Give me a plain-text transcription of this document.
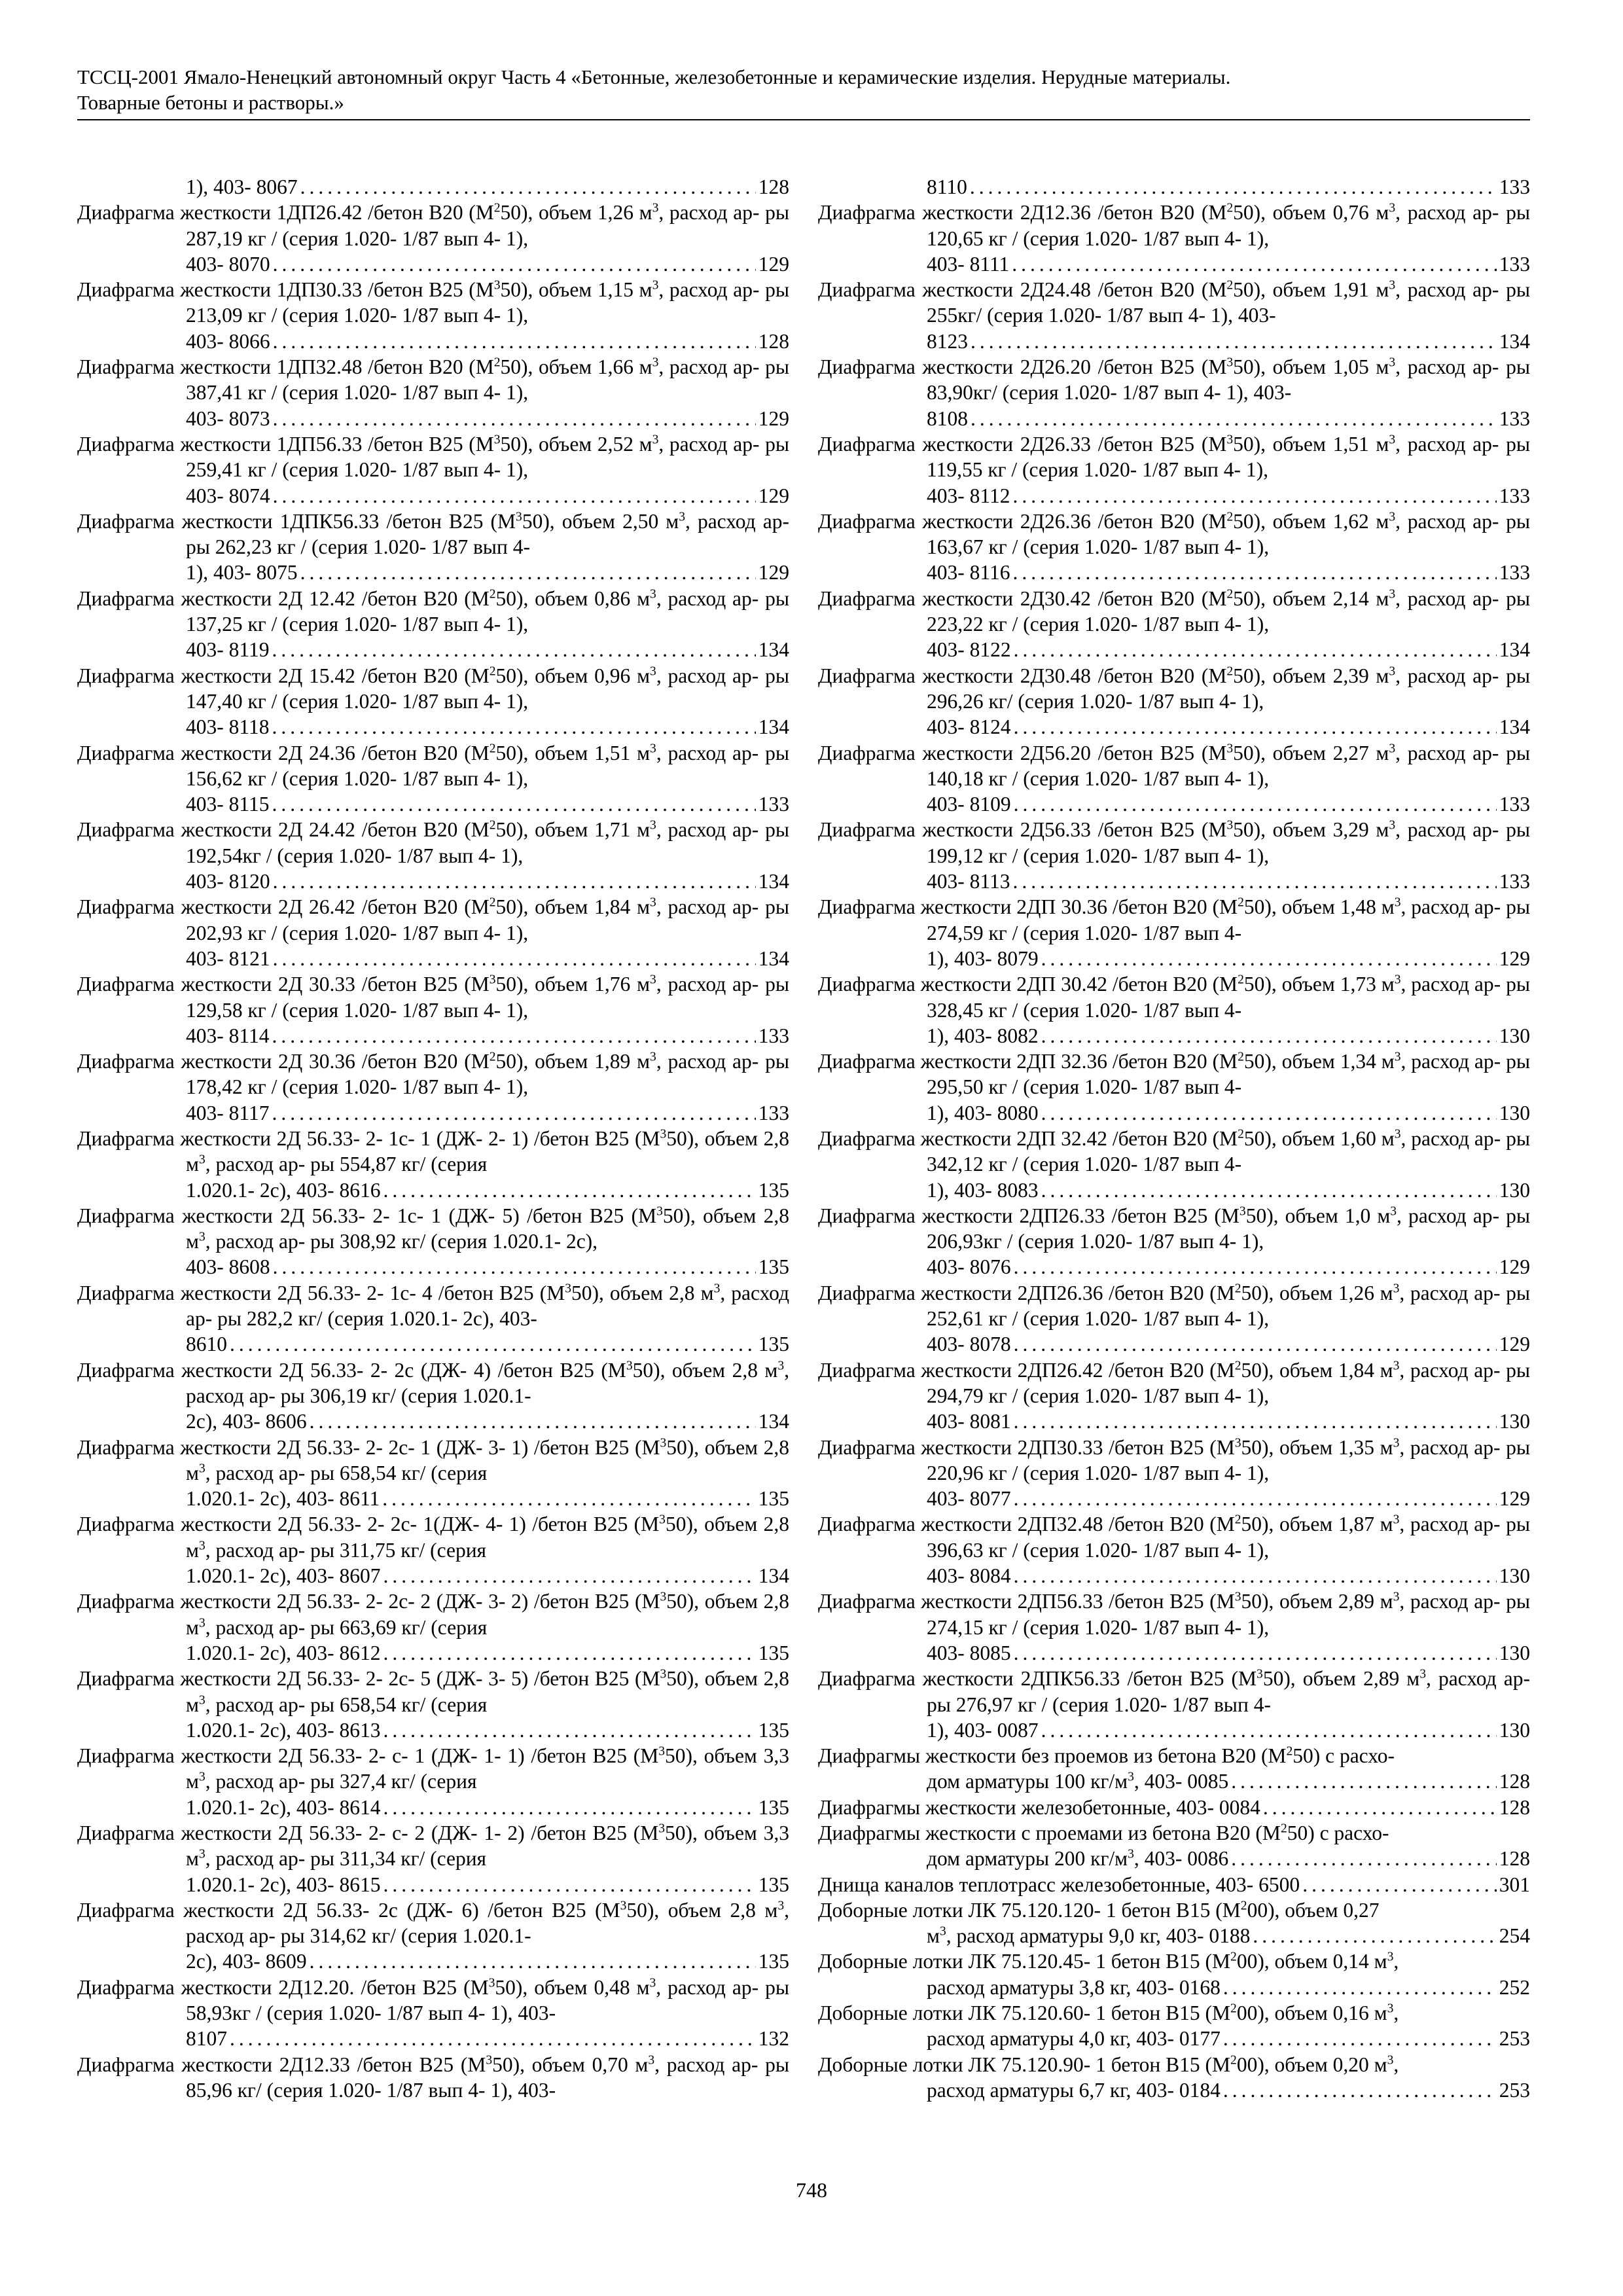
ТССЦ-2001 Ямало-Ненецкий автономный округ Часть 4 «Бетонные, железобетонные и керамические изделия. Нерудные материалы.
Товарные бетоны и растворы.»
1), 403- 8067 .....	128
Диафрагма жесткости 1ДП26.42 /бетон В20 $(М^250)$, объем 1,26 $м^3$, расход ар- ры 287,19 кг / (серия 1.020- 1/87 вып 4- 1),
403- 8070 .....	129
Диафрагма жесткости 1ДП30.33 /бетон В25 $(М^350)$, объем 1,15 $м^3$, расход ар- ры 213,09 кг / (серия 1.020- 1/87 вып 4- 1),
403- 8066 .....	128
Диафрагма жесткости 1ДП32.48 /бетон В20 $(М^250)$, объем 1,66 $м^3$, расход ар- ры 387,41 кг / (серия 1.020- 1/87 вып 4- 1),
403- 8073 .....	129
Диафрагма жесткости 1ДП56.33 /бетон В25 $(М^350)$, объем 2,52 $м^3$, расход ар- ры 259,41 кг / (серия 1.020- 1/87 вып 4- 1),
403- 8074 .....	129
Диафрагма жесткости 1ДПК56.33 /бетон В25 $(М^350)$, объем 2,50 $м^3$, расход ар- ры 262,23 кг / (серия 1.020- 1/87 вып 4-
1), 403- 8075 .....	129
Диафрагма жесткости 2Д 12.42 /бетон В20 $(М^250)$, объем 0,86 $м^3$, расход ар- ры 137,25 кг / (серия 1.020- 1/87 вып 4- 1),
403- 8119 .....	134
Диафрагма жесткости 2Д 15.42 /бетон В20 $(М^250)$, объем 0,96 $м^3$, расход ар- ры 147,40 кг / (серия 1.020- 1/87 вып 4- 1),
403- 8118 .....	134
Диафрагма жесткости 2Д 24.36 /бетон В20 $(М^250)$, объем 1,51 $м^3$, расход ар- ры 156,62 кг / (серия 1.020- 1/87 вып 4- 1),
403- 8115 .....	133
Диафрагма жесткости 2Д 24.42 /бетон В20 $(М^250)$, объем 1,71 $м^3$, расход ар- ры 192,54кг / (серия 1.020- 1/87 вып 4- 1),
403- 8120 .....	134
Диафрагма жесткости 2Д 26.42 /бетон В20 $(М^250)$, объем 1,84 $м^3$, расход ар- ры 202,93 кг / (серия 1.020- 1/87 вып 4- 1),
403- 8121 .....	134
Диафрагма жесткости 2Д 30.33 /бетон В25 $(М^350)$, объем 1,76 $м^3$, расход ар- ры 129,58 кг / (серия 1.020- 1/87 вып 4- 1),
403- 8114 .....	133
Диафрагма жесткости 2Д 30.36 /бетон В20 $(М^250)$, объем 1,89 $м^3$, расход ар- ры 178,42 кг / (серия 1.020- 1/87 вып 4- 1),
403- 8117 .....	133
Диафрагма жесткости 2Д 56.33- 2- 1с- 1 (ДЖ- 2- 1) /бетон В25 $(М^350)$, объем 2,8 $м^3$, расход ар- ры 554,87 кг/ (серия
1.020.1- 2с), 403- 8616 .....	135
Диафрагма жесткости 2Д 56.33- 2- 1с- 1 (ДЖ- 5) /бетон В25 $(М^350)$, объем 2,8 $м^3$, расход ар- ры 308,92 кг/ (серия 1.020.1- 2с),
403- 8608 .....	135
Диафрагма жесткости 2Д 56.33- 2- 1с- 4 /бетон В25 $(М^350)$, объем 2,8 $м^3$, расход ар- ры 282,2 кг/ (серия 1.020.1- 2с), 403-
8610 .....	135
Диафрагма жесткости 2Д 56.33- 2- 2с (ДЖ- 4) /бетон В25 $(М^350)$, объем 2,8 $м^3$, расход ар- ры 306,19 кг/ (серия 1.020.1-
2с), 403- 8606 .....	134
Диафрагма жесткости 2Д 56.33- 2- 2с- 1 (ДЖ- 3- 1) /бетон В25 $(М^350)$, объем 2,8 $м^3$, расход ар- ры 658,54 кг/ (серия
1.020.1- 2с), 403- 8611 .....	135
Диафрагма жесткости 2Д 56.33- 2- 2с- 1(ДЖ- 4- 1) /бетон В25 $(М^350)$, объем 2,8 $м^3$, расход ар- ры 311,75 кг/ (серия
1.020.1- 2с), 403- 8607 .....	134
Диафрагма жесткости 2Д 56.33- 2- 2с- 2 (ДЖ- 3- 2) /бетон В25 $(М^350)$, объем 2,8 $м^3$, расход ар- ры 663,69 кг/ (серия
1.020.1- 2с), 403- 8612 .....	135
Диафрагма жесткости 2Д 56.33- 2- 2с- 5 (ДЖ- 3- 5) /бетон В25 $(М^350)$, объем 2,8 $м^3$, расход ар- ры 658,54 кг/ (серия
1.020.1- 2с), 403- 8613 .....	135
Диафрагма жесткости 2Д 56.33- 2- с- 1 (ДЖ- 1- 1) /бетон В25 $(М^350)$, объем 3,3 $м^3$, расход ар- ры 327,4 кг/ (серия
1.020.1- 2с), 403- 8614 .....	135
Диафрагма жесткости 2Д 56.33- 2- с- 2 (ДЖ- 1- 2) /бетон В25 $(М^350)$, объем 3,3 $м^3$, расход ар- ры 311,34 кг/ (серия
1.020.1- 2с), 403- 8615 .....	135
Диафрагма жесткости 2Д 56.33- 2с (ДЖ- 6) /бетон В25 $(М^350)$, объем 2,8 $м^3$, расход ар- ры 314,62 кг/ (серия 1.020.1-
2с), 403- 8609 .....	135
Диафрагма жесткости 2Д12.20. /бетон В25 $(М^350)$, объем 0,48 $м^3$, расход ар- ры 58,93кг / (серия 1.020- 1/87 вып 4- 1), 403-
8107 .....	132
Диафрагма жесткости 2Д12.33 /бетон В25 $(М^350)$, объем 0,70 $м^3$, расход ар- ры 85,96 кг/ (серия 1.020- 1/87 вып 4- 1), 403-
8110 .....	133
Диафрагма жесткости 2Д12.36 /бетон В20 $(М^250)$, объем 0,76 $м^3$, расход ар- ры 120,65 кг / (серия 1.020- 1/87 вып 4- 1),
403- 8111 .....	133
Диафрагма жесткости 2Д24.48 /бетон В20 $(М^250)$, объем 1,91 $м^3$, расход ар- ры 255кг/ (серия 1.020- 1/87 вып 4- 1), 403-
8123 .....	134
Диафрагма жесткости 2Д26.20 /бетон В25 $(М^350)$, объем 1,05 $м^3$, расход ар- ры 83,90кг/ (серия 1.020- 1/87 вып 4- 1), 403-
8108 .....	133
Диафрагма жесткости 2Д26.33 /бетон В25 $(М^350)$, объем 1,51 $м^3$, расход ар- ры 119,55 кг / (серия 1.020- 1/87 вып 4- 1),
403- 8112 .....	133
Диафрагма жесткости 2Д26.36 /бетон В20 $(М^250)$, объем 1,62 $м^3$, расход ар- ры 163,67 кг / (серия 1.020- 1/87 вып 4- 1),
403- 8116 .....	133
Диафрагма жесткости 2Д30.42 /бетон В20 $(М^250)$, объем 2,14 $м^3$, расход ар- ры 223,22 кг / (серия 1.020- 1/87 вып 4- 1),
403- 8122 .....	134
Диафрагма жесткости 2Д30.48 /бетон В20 $(М^250)$, объем 2,39 $м^3$, расход ар- ры 296,26 кг/ (серия 1.020- 1/87 вып 4- 1),
403- 8124 .....	134
Диафрагма жесткости 2Д56.20 /бетон В25 $(М^350)$, объем 2,27 $м^3$, расход ар- ры 140,18 кг / (серия 1.020- 1/87 вып 4- 1),
403- 8109 .....	133
Диафрагма жесткости 2Д56.33 /бетон В25 $(М^350)$, объем 3,29 $м^3$, расход ар- ры 199,12 кг / (серия 1.020- 1/87 вып 4- 1),
403- 8113 .....	133
Диафрагма жесткости 2ДП 30.36 /бетон В20 $(М^250)$, объем 1,48 $м^3$, расход ар- ры 274,59 кг / (серия 1.020- 1/87 вып 4-
1), 403- 8079 .....	129
Диафрагма жесткости 2ДП 30.42 /бетон В20 $(М^250)$, объем 1,73 $м^3$, расход ар- ры 328,45 кг / (серия 1.020- 1/87 вып 4-
1), 403- 8082 .....	130
Диафрагма жесткости 2ДП 32.36 /бетон В20 $(М^250)$, объем 1,34 $м^3$, расход ар- ры 295,50 кг / (серия 1.020- 1/87 вып 4-
1), 403- 8080 .....	130
Диафрагма жесткости 2ДП 32.42 /бетон В20 $(М^250)$, объем 1,60 $м^3$, расход ар- ры 342,12 кг / (серия 1.020- 1/87 вып 4-
1), 403- 8083 .....	130
Диафрагма жесткости 2ДП26.33 /бетон В25 $(М^350)$, объем 1,0 $м^3$, расход ар- ры 206,93кг / (серия 1.020- 1/87 вып 4- 1),
403- 8076 .....	129
Диафрагма жесткости 2ДП26.36 /бетон В20 $(М^250)$, объем 1,26 $м^3$, расход ар- ры 252,61 кг / (серия 1.020- 1/87 вып 4- 1),
403- 8078 .....	129
Диафрагма жесткости 2ДП26.42 /бетон В20 $(М^250)$, объем 1,84 $м^3$, расход ар- ры 294,79 кг / (серия 1.020- 1/87 вып 4- 1),
403- 8081 .....	130
Диафрагма жесткости 2ДП30.33 /бетон В25 $(М^350)$, объем 1,35 $м^3$, расход ар- ры 220,96 кг / (серия 1.020- 1/87 вып 4- 1),
403- 8077 .....	129
Диафрагма жесткости 2ДП32.48 /бетон В20 $(М^250)$, объем 1,87 $м^3$, расход ар- ры 396,63 кг / (серия 1.020- 1/87 вып 4- 1),
403- 8084 .....	130
Диафрагма жесткости 2ДП56.33 /бетон В25 $(М^350)$, объем 2,89 $м^3$, расход ар- ры 274,15 кг / (серия 1.020- 1/87 вып 4- 1),
403- 8085 .....	130
Диафрагма жесткости 2ДПК56.33 /бетон В25 $(М^350)$, объем 2,89 $м^3$, расход ар- ры 276,97 кг / (серия 1.020- 1/87 вып 4-
1), 403- 0087 .....	130
Диафрагмы жесткости без проемов из бетона В20 $(М^250)$ с расхо-
дом арматуры 100 $кг/м^3$, 403- 0085 .....	128
Диафрагмы жесткости железобетонные, 403- 0084 .....	128
Диафрагмы жесткости с проемами из бетона В20 $(М^250)$ с расхо-
дом арматуры 200 $кг/м^3$, 403- 0086 .....	128
Днища каналов теплотрасс железобетонные, 403- 6500 .....	301
Доборные лотки ЛК 75.120.120- 1 бетон В15 $(М^200)$, объем 0,27
$м^3$, расход арматуры 9,0 кг, 403- 0188 .....	254
Доборные лотки ЛК 75.120.45- 1 бетон В15 $(М^200)$, объем 0,14 $м^3$,
расход арматуры 3,8 кг, 403- 0168 .....	252
Доборные лотки ЛК 75.120.60- 1 бетон В15 $(М^200)$, объем 0,16 $м^3$,
расход арматуры 4,0 кг, 403- 0177 .....	253
Доборные лотки ЛК 75.120.90- 1 бетон В15 $(М^200)$, объем 0,20 $м^3$,
расход арматуры 6,7 кг, 403- 0184 .....	253
748
